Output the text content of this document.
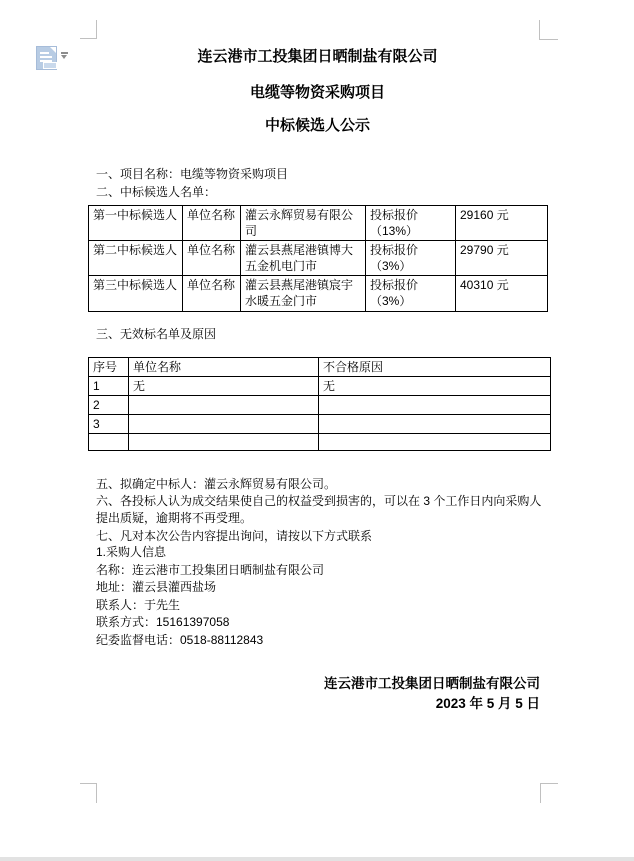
连云港市工投集团日晒制盐有限公司
电缆等物资采购项目
中标候选人公示
一、项目名称：电缆等物资采购项目
二、中标候选人名单：
第一中标候选人	单位名称	灌云永辉贸易有限公司	投标报价（13%）	29160 元
第二中标候选人	单位名称	灌云县燕尾港镇博大五金机电门市	投标报价（3%）	29790 元
第三中标候选人	单位名称	灌云县燕尾港镇宸宇水暖五金门市	投标报价（3%）	40310 元
三、无效标名单及原因
序号	单位名称	不合格原因
1	无	无
2		
3		

五、拟确定中标人：灌云永辉贸易有限公司。
六、各投标人认为成交结果使自己的权益受到损害的，可以在 3 个工作日内向采购人提出质疑，逾期将不再受理。
七、凡对本次公告内容提出询问，请按以下方式联系
1.采购人信息
名称：连云港市工投集团日晒制盐有限公司
地址：灌云县灌西盐场
联系人：于先生
联系方式：15161397058
纪委监督电话：0518-88112843
连云港市工投集团日晒制盐有限公司
2023 年 5 月 5 日
